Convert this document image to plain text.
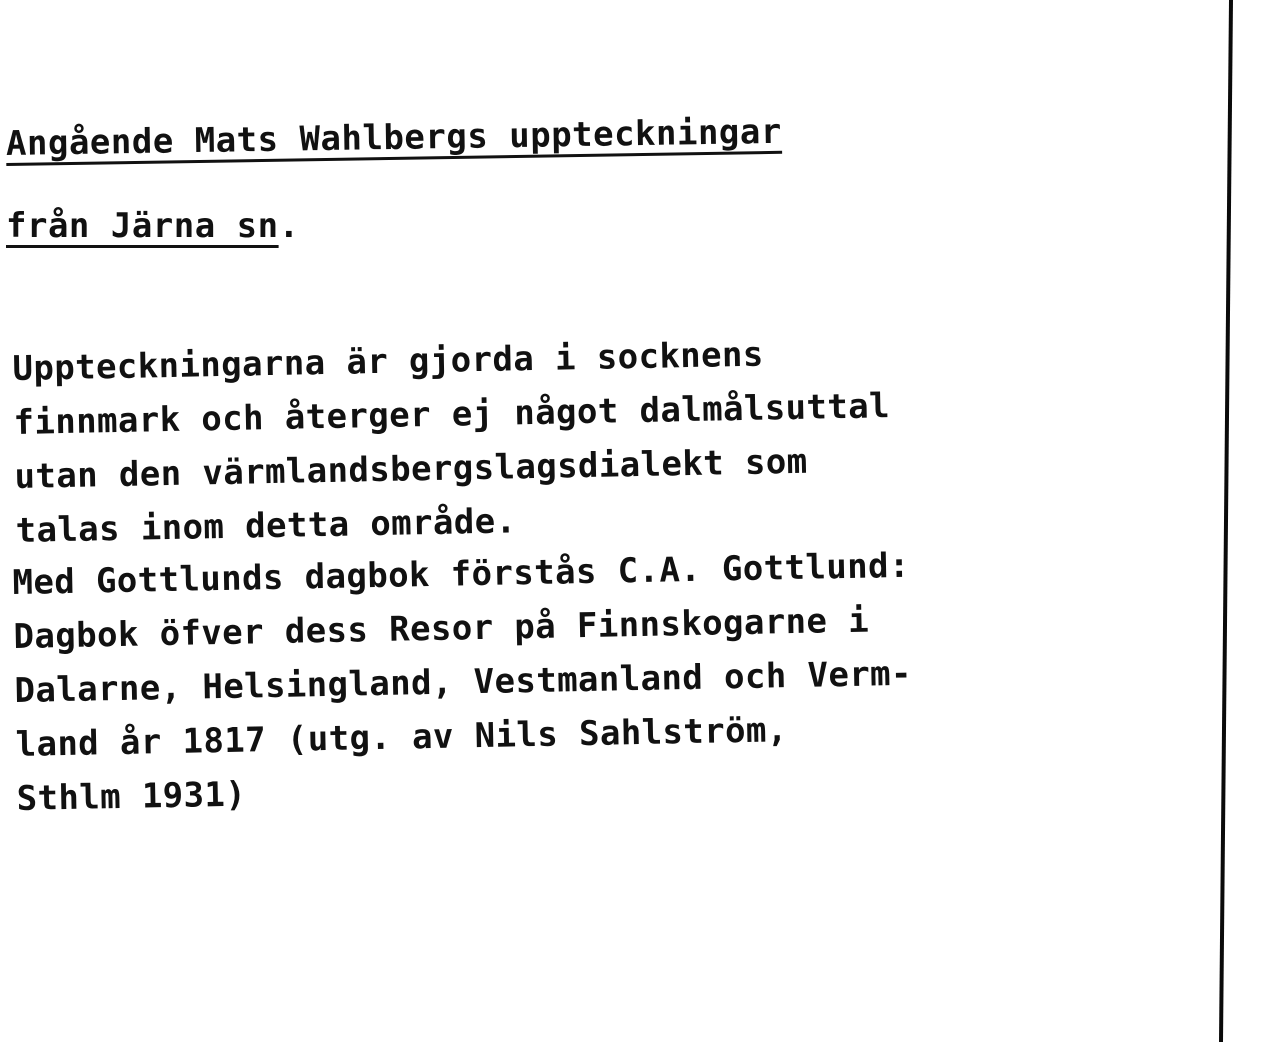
Angående Mats Wahlbergs uppteckningar
från Järna sn.
Uppteckningarna är gjorda i socknens
finnmark och återger ej något dalmålsuttal
utan den värmlandsbergslagsdialekt som
talas inom detta område.
Med Gottlunds dagbok förstås C.A. Gottlund:
Dagbok öfver dess Resor på Finnskogarne i
Dalarne, Helsingland, Vestmanland och Verm-
land år 1817 (utg. av Nils Sahlström,
Sthlm 1931)
